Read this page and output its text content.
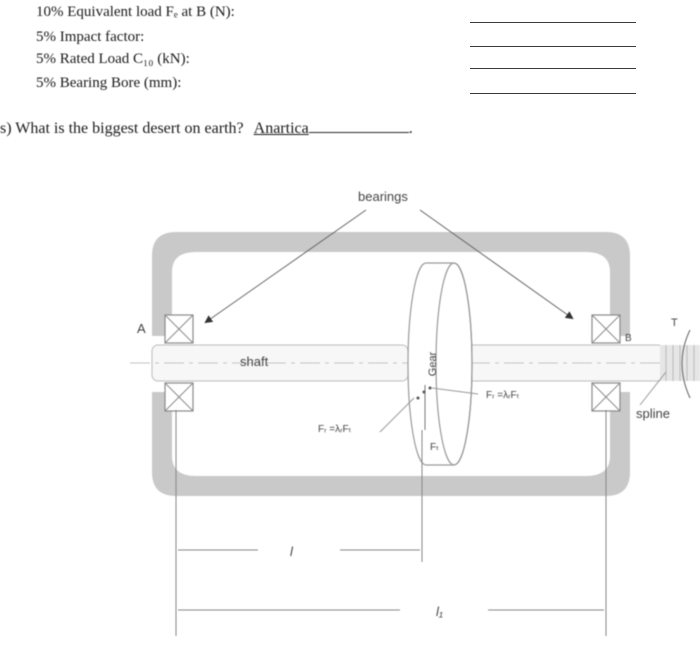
10% Equivalent load Fₑ at B (N):
5% Impact factor:
5% Rated Load C₁₀ (kN):
5% Bearing Bore (mm):
s) What is the biggest desert on earth? Anartica	.
bearings
shaft	Gear
A
B
T
spline
Fᵣ =λᵣFₜ
Fᵣ =λᵣFₜ
Fₜ
l
l₁
